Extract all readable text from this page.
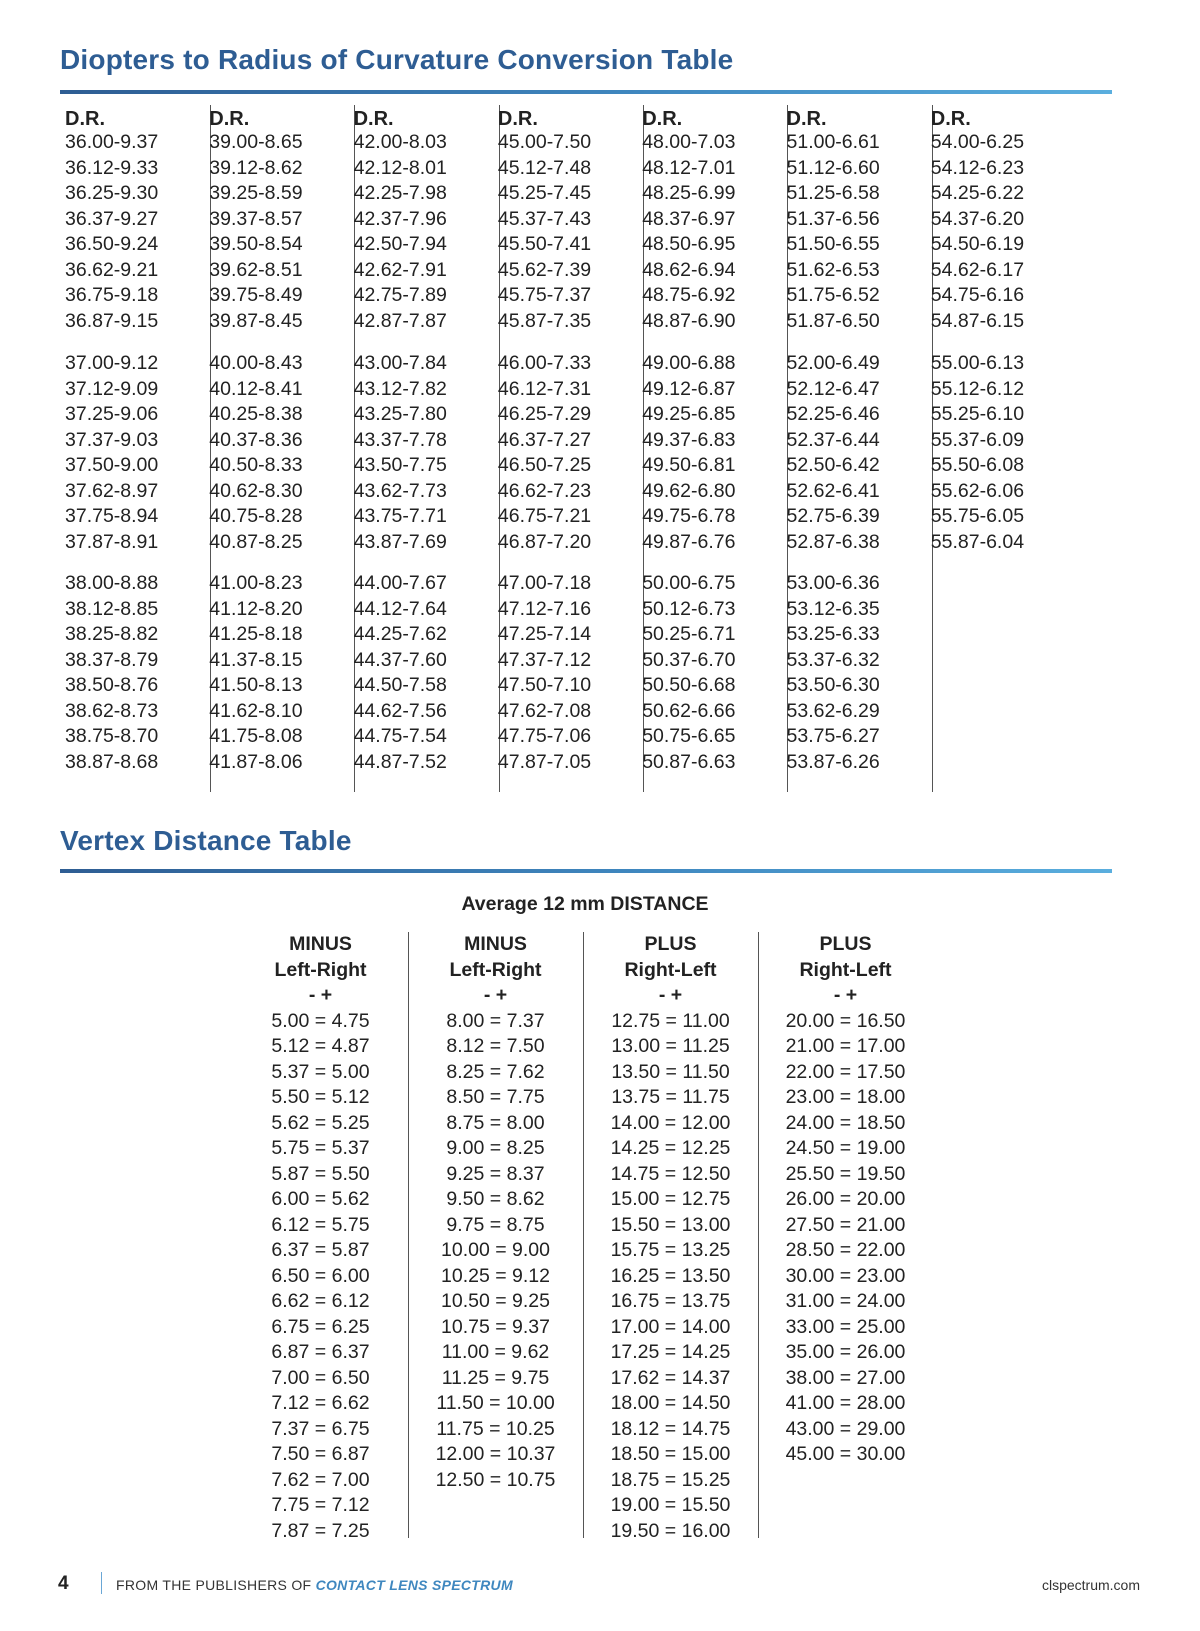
Diopters to Radius of Curvature Conversion Table
D.R.
36.00-9.37
36.12-9.33
36.25-9.30
36.37-9.27
36.50-9.24
36.62-9.21
36.75-9.18
36.87-9.15
37.00-9.12
37.12-9.09
37.25-9.06
37.37-9.03
37.50-9.00
37.62-8.97
37.75-8.94
37.87-8.91
38.00-8.88
38.12-8.85
38.25-8.82
38.37-8.79
38.50-8.76
38.62-8.73
38.75-8.70
38.87-8.68
D.R.
39.00-8.65
39.12-8.62
39.25-8.59
39.37-8.57
39.50-8.54
39.62-8.51
39.75-8.49
39.87-8.45
40.00-8.43
40.12-8.41
40.25-8.38
40.37-8.36
40.50-8.33
40.62-8.30
40.75-8.28
40.87-8.25
41.00-8.23
41.12-8.20
41.25-8.18
41.37-8.15
41.50-8.13
41.62-8.10
41.75-8.08
41.87-8.06
D.R.
42.00-8.03
42.12-8.01
42.25-7.98
42.37-7.96
42.50-7.94
42.62-7.91
42.75-7.89
42.87-7.87
43.00-7.84
43.12-7.82
43.25-7.80
43.37-7.78
43.50-7.75
43.62-7.73
43.75-7.71
43.87-7.69
44.00-7.67
44.12-7.64
44.25-7.62
44.37-7.60
44.50-7.58
44.62-7.56
44.75-7.54
44.87-7.52
D.R.
45.00-7.50
45.12-7.48
45.25-7.45
45.37-7.43
45.50-7.41
45.62-7.39
45.75-7.37
45.87-7.35
46.00-7.33
46.12-7.31
46.25-7.29
46.37-7.27
46.50-7.25
46.62-7.23
46.75-7.21
46.87-7.20
47.00-7.18
47.12-7.16
47.25-7.14
47.37-7.12
47.50-7.10
47.62-7.08
47.75-7.06
47.87-7.05
D.R.
48.00-7.03
48.12-7.01
48.25-6.99
48.37-6.97
48.50-6.95
48.62-6.94
48.75-6.92
48.87-6.90
49.00-6.88
49.12-6.87
49.25-6.85
49.37-6.83
49.50-6.81
49.62-6.80
49.75-6.78
49.87-6.76
50.00-6.75
50.12-6.73
50.25-6.71
50.37-6.70
50.50-6.68
50.62-6.66
50.75-6.65
50.87-6.63
D.R.
51.00-6.61
51.12-6.60
51.25-6.58
51.37-6.56
51.50-6.55
51.62-6.53
51.75-6.52
51.87-6.50
52.00-6.49
52.12-6.47
52.25-6.46
52.37-6.44
52.50-6.42
52.62-6.41
52.75-6.39
52.87-6.38
53.00-6.36
53.12-6.35
53.25-6.33
53.37-6.32
53.50-6.30
53.62-6.29
53.75-6.27
53.87-6.26
D.R.
54.00-6.25
54.12-6.23
54.25-6.22
54.37-6.20
54.50-6.19
54.62-6.17
54.75-6.16
54.87-6.15
55.00-6.13
55.12-6.12
55.25-6.10
55.37-6.09
55.50-6.08
55.62-6.06
55.75-6.05
55.87-6.04
Vertex Distance Table
Average 12 mm DISTANCE
MINUS
Left-Right
- +
5.00 = 4.75
5.12 = 4.87
5.37 = 5.00
5.50 = 5.12
5.62 = 5.25
5.75 = 5.37
5.87 = 5.50
6.00 = 5.62
6.12 = 5.75
6.37 = 5.87
6.50 = 6.00
6.62 = 6.12
6.75 = 6.25
6.87 = 6.37
7.00 = 6.50
7.12 = 6.62
7.37 = 6.75
7.50 = 6.87
7.62 = 7.00
7.75 = 7.12
7.87 = 7.25
MINUS
Left-Right
- +
8.00 = 7.37
8.12 = 7.50
8.25 = 7.62
8.50 = 7.75
8.75 = 8.00
9.00 = 8.25
9.25 = 8.37
9.50 = 8.62
9.75 = 8.75
10.00 = 9.00
10.25 = 9.12
10.50 = 9.25
10.75 = 9.37
11.00 = 9.62
11.25 = 9.75
11.50 = 10.00
11.75 = 10.25
12.00 = 10.37
12.50 = 10.75
PLUS
Right-Left
- +
12.75 = 11.00
13.00 = 11.25
13.50 = 11.50
13.75 = 11.75
14.00 = 12.00
14.25 = 12.25
14.75 = 12.50
15.00 = 12.75
15.50 = 13.00
15.75 = 13.25
16.25 = 13.50
16.75 = 13.75
17.00 = 14.00
17.25 = 14.25
17.62 = 14.37
18.00 = 14.50
18.12 = 14.75
18.50 = 15.00
18.75 = 15.25
19.00 = 15.50
19.50 = 16.00
PLUS
Right-Left
- +
20.00 = 16.50
21.00 = 17.00
22.00 = 17.50
23.00 = 18.00
24.00 = 18.50
24.50 = 19.00
25.50 = 19.50
26.00 = 20.00
27.50 = 21.00
28.50 = 22.00
30.00 = 23.00
31.00 = 24.00
33.00 = 25.00
35.00 = 26.00
38.00 = 27.00
41.00 = 28.00
43.00 = 29.00
45.00 = 30.00
4	FROM THE PUBLISHERS OF CONTACT LENS SPECTRUM	clspectrum.com
